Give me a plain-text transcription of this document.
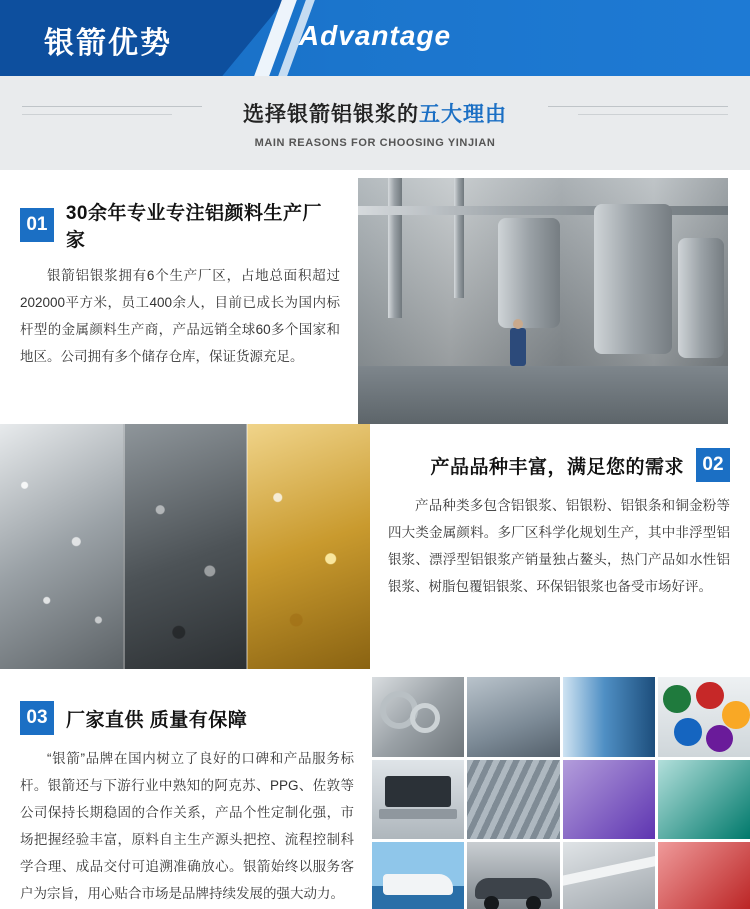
银箭优势	Advantage
选择银箭铝银浆的五大理由
MAIN REASONS FOR CHOOSING YINJIAN
01
30余年专业专注铝颜料生产厂家
银箭铝银浆拥有6个生产厂区，占地总面积超过202000平方米，员工400余人，目前已成长为国内标杆型的金属颜料生产商，产品远销全球60多个国家和地区。公司拥有多个储存仓库，保证货源充足。
产品品种丰富，满足您的需求 02
产品种类多包含铝银浆、铝银粉、铝银条和铜金粉等四大类金属颜料。多厂区科学化规划生产，其中非浮型铝银浆、漂浮型铝银浆产销量独占鳌头，热门产品如水性铝银浆、树脂包覆铝银浆、环保铝银浆也备受市场好评。
03 厂家直供 质量有保障
“银箭”品牌在国内树立了良好的口碑和产品服务标杆。银箭还与下游行业中熟知的阿克苏、PPG、佐敦等公司保持长期稳固的合作关系，产品个性定制化强，市场把握经验丰富，原料自主生产源头把控、流程控制科学合理、成品交付可追溯准确放心。银箭始终以服务客户为宗旨，用心贴合市场是品牌持续发展的强大动力。
